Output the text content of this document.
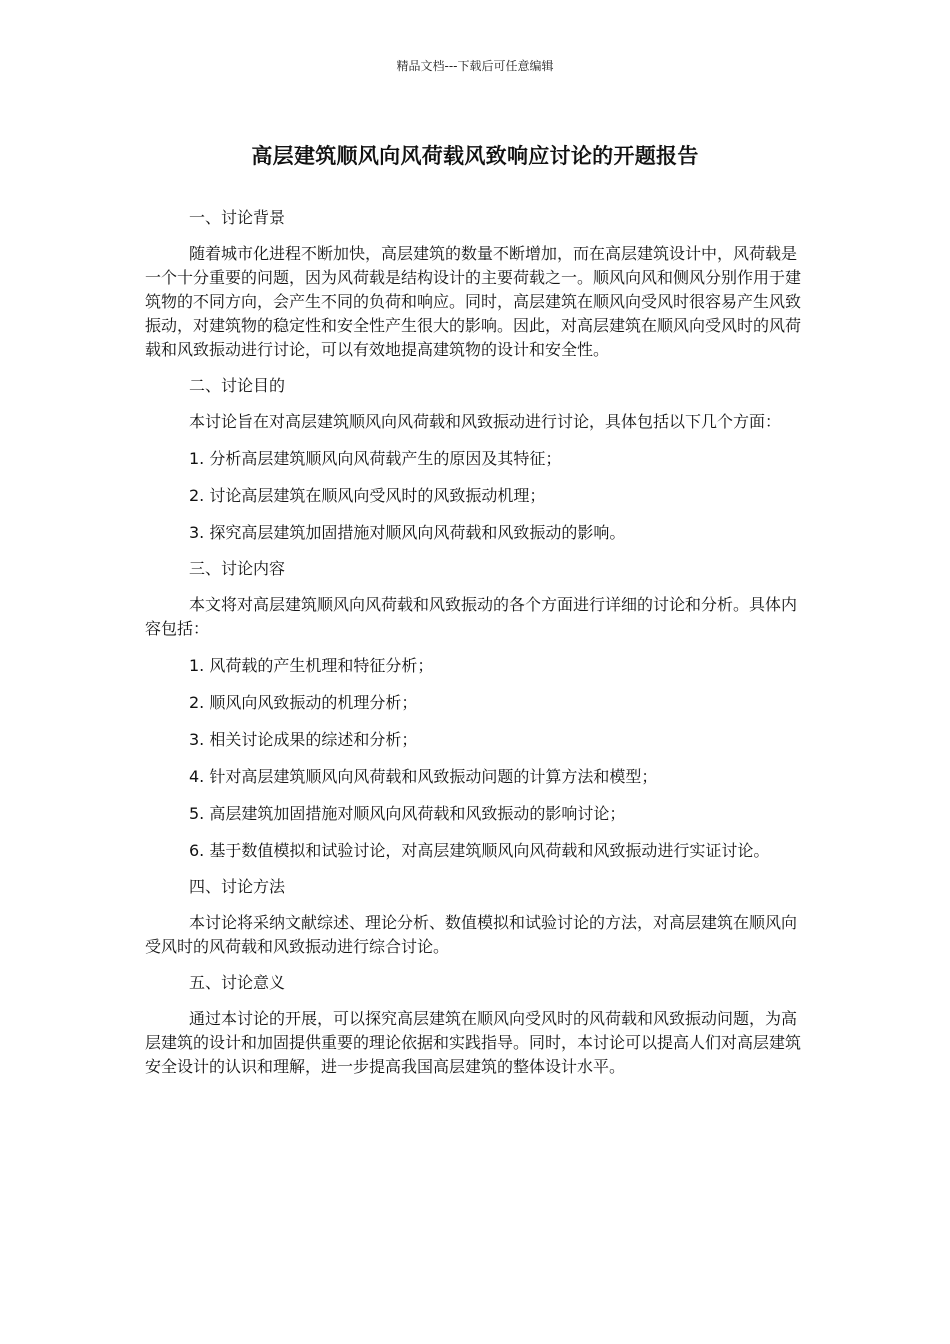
精品文档---下载后可任意编辑
高层建筑顺风向风荷载风致响应讨论的开题报告

一、讨论背景

随着城市化进程不断加快，高层建筑的数量不断增加，而在高层建筑设计中，风荷载是一个十分重要的问题，因为风荷载是结构设计的主要荷载之一。顺风向风和侧风分别作用于建筑物的不同方向，会产生不同的负荷和响应。同时，高层建筑在顺风向受风时很容易产生风致振动，对建筑物的稳定性和安全性产生很大的影响。因此，对高层建筑在顺风向受风时的风荷载和风致振动进行讨论，可以有效地提高建筑物的设计和安全性。

二、讨论目的

本讨论旨在对高层建筑顺风向风荷载和风致振动进行讨论，具体包括以下几个方面：

1. 分析高层建筑顺风向风荷载产生的原因及其特征；

2. 讨论高层建筑在顺风向受风时的风致振动机理；

3. 探究高层建筑加固措施对顺风向风荷载和风致振动的影响。

三、讨论内容

本文将对高层建筑顺风向风荷载和风致振动的各个方面进行详细的讨论和分析。具体内容包括：

1. 风荷载的产生机理和特征分析；

2. 顺风向风致振动的机理分析；

3. 相关讨论成果的综述和分析；

4. 针对高层建筑顺风向风荷载和风致振动问题的计算方法和模型；

5. 高层建筑加固措施对顺风向风荷载和风致振动的影响讨论；

6. 基于数值模拟和试验讨论，对高层建筑顺风向风荷载和风致振动进行实证讨论。

四、讨论方法

本讨论将采纳文献综述、理论分析、数值模拟和试验讨论的方法，对高层建筑在顺风向受风时的风荷载和风致振动进行综合讨论。

五、讨论意义

通过本讨论的开展，可以探究高层建筑在顺风向受风时的风荷载和风致振动问题，为高层建筑的设计和加固提供重要的理论依据和实践指导。同时，本讨论可以提高人们对高层建筑安全设计的认识和理解，进一步提高我国高层建筑的整体设计水平。
